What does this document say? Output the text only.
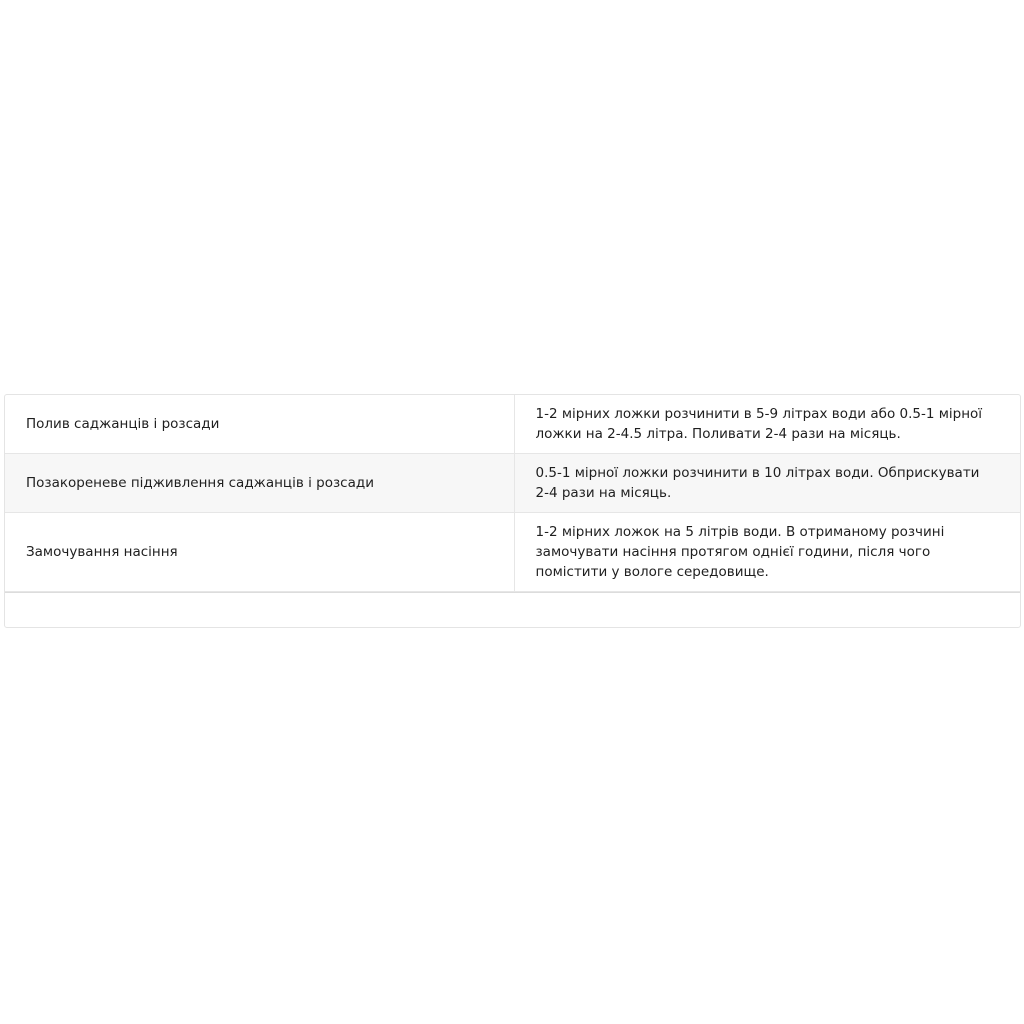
Полив саджанців і розсади	1-2 мірних ложки розчинити в 5-9 літрах води або 0.5-1 мірної ложки на 2-4.5 літра. Поливати 2-4 рази на місяць.
Позакореневе підживлення саджанців і розсади	0.5-1 мірної ложки розчинити в 10 літрах води. Обприскувати 2-4 рази на місяць.
Замочування насіння	1-2 мірних ложок на 5 літрів води. В отриманому розчині замочувати насіння протягом однієї години, після чого помістити у вологе середовище.
